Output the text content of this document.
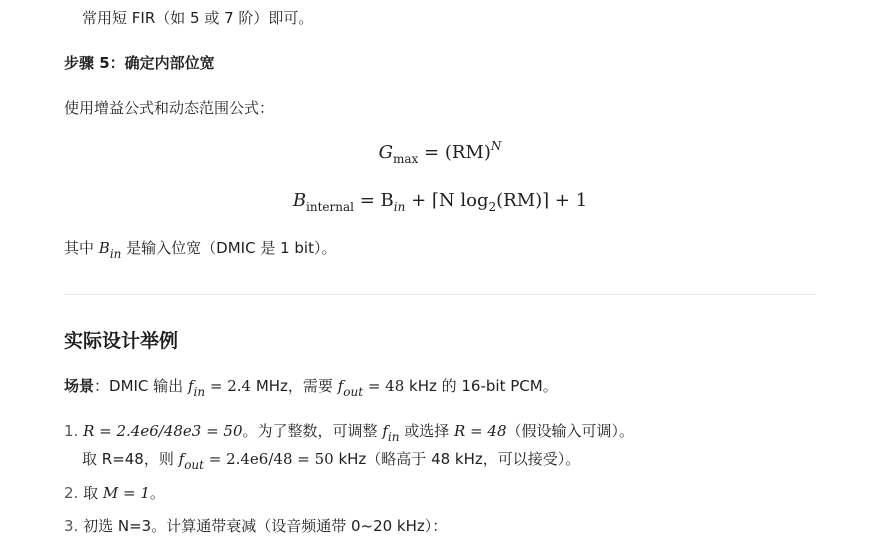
常用短 FIR（如 5 或 7 阶）即可。
步骤 5：确定内部位宽
使用增益公式和动态范围公式：
$G_{max} = (RM)^N$
$B_{internal} = B_{in}$ + ⌈N $\log_2(RM)⌉ + 1$
其中 $B_{in}$ 是输入位宽（DMIC 是 1 bit）。
实际设计举例
场景：DMIC 输出 $f_{in} = 2.4$ MHz，需要 $f_{out} = 48$ kHz 的 16-bit PCM。
1. R = 2.4e6/48e3 = 50。为了整数，可调整 $f_{in}$ 或选择 R = 48（假设输入可调）。
取 R=48，则 $f_{out} = 2.4e6/48 = 50$ kHz（略高于 48 kHz，可以接受）。
2. 取 M = 1。
3. 初选 N=3。计算通带衰减（设音频通带 0~20 kHz）：
